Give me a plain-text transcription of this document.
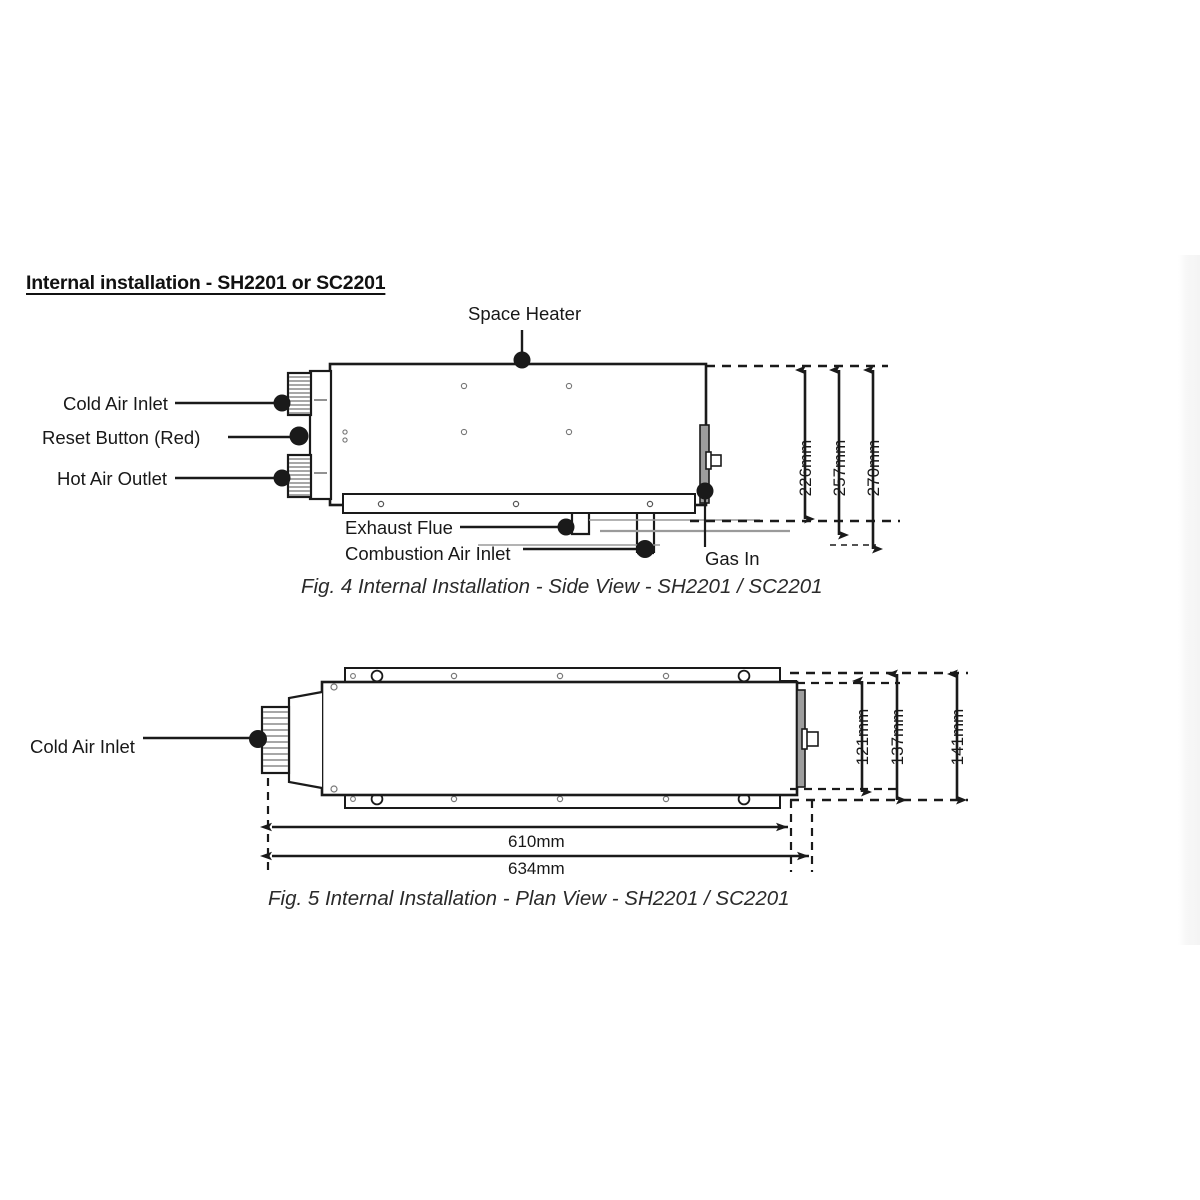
Internal installation - SH2201 or SC2201
226mm 257mm 270mm
121mm 137mm 141mm
Space Heater
Cold Air Inlet
Reset Button (Red)
Hot Air Outlet
Exhaust Flue
Combustion Air Inlet	Gas In
Fig. 4 Internal Installation - Side View - SH2201 / SC2201
Cold Air Inlet
610mm
634mm
Fig. 5 Internal Installation - Plan View - SH2201 / SC2201
